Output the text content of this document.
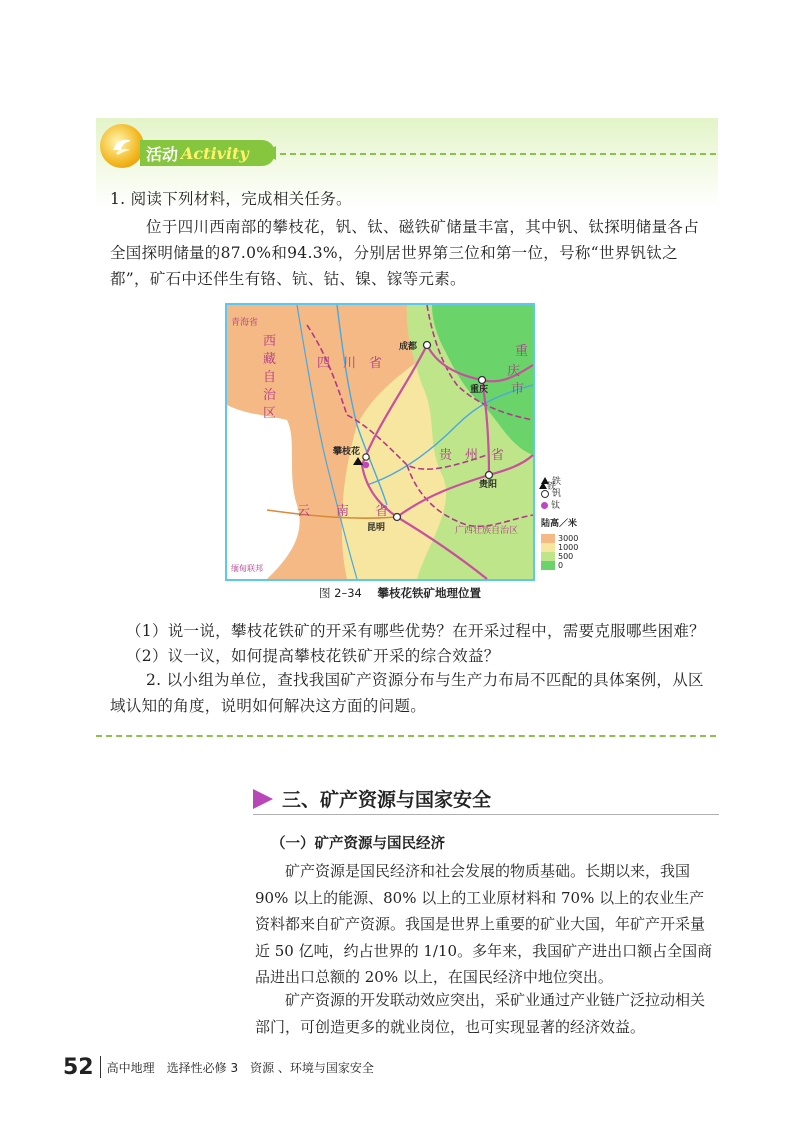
活动 Activity

1. 阅读下列材料，完成相关任务。

位于四川西南部的攀枝花，钒、钛、磁铁矿储量丰富，其中钒、钛探明储量各占全国探明储量的87.0%和94.3%，分别居世界第三位和第一位，号称“世界钒钛之都”，矿石中还伴生有铬、钪、钴、镍、镓等元素。

青海省
西
藏
自
治
区
四　川　省
成都	重
庆
市
重庆
攀枝花	贵　州　省
贵阳
云　　南　　省
昆明	广西壮族自治区
缅甸联邦
铁
铁
钒
钛
陆高／米
3000
1000
500
0
图 2–34 攀枝花铁矿地理位置

（1）说一说，攀枝花铁矿的开采有哪些优势？在开采过程中，需要克服哪些困难？

（2）议一议，如何提高攀枝花铁矿开采的综合效益？

2. 以小组为单位，查找我国矿产资源分布与生产力布局不匹配的具体案例，从区域认知的角度，说明如何解决这方面的问题。

三、矿产资源与国家安全
（一）矿产资源与国民经济

矿产资源是国民经济和社会发展的物质基础。长期以来，我国90% 以上的能源、80% 以上的工业原材料和 70% 以上的农业生产资料都来自矿产资源。我国是世界上重要的矿业大国，年矿产开采量近 50 亿吨，约占世界的 1/10。多年来，我国矿产进出口额占全国商品进出口总额的 20% 以上，在国民经济中地位突出。

矿产资源的开发联动效应突出，采矿业通过产业链广泛拉动相关部门，可创造更多的就业岗位，也可实现显著的经济效益。

52 高中地理　选择性必修 3　资源 、环境与国家安全
